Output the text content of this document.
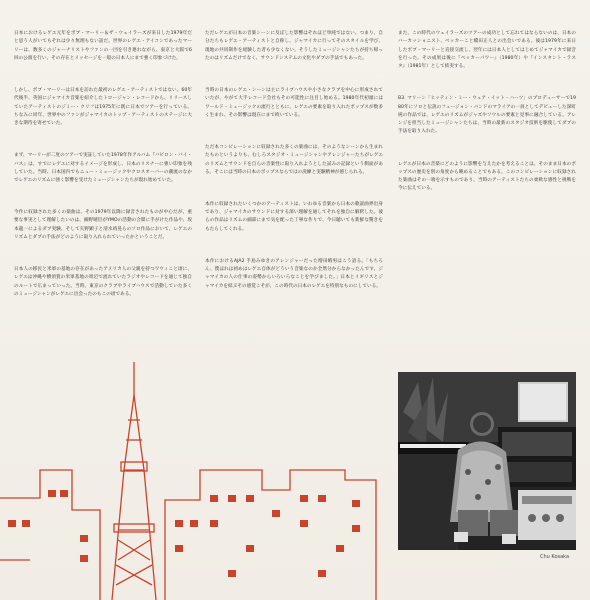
日本におけるレゲエ元年をボブ・マーリー＆ザ・ウェイラーズが来日した1979年だと思う人がいてもそれは少々無理もない話だ。世界のレゲエ・アイコンであったマーリーは、数多くのジャーナリストやファンの一団を引き連れながら、東京と大阪で6回の公演を行い、その存在とメッセージを一般の日本人にまで強く印象づけた。

しかし、ボブ・マーリーは日本を訪れた最初のレゲエ・アーティストではない。60年代後半、英国にジャマイカ音楽を紹介したトロージャン・レコードから、リリースしていたアーティストのジミー・クリフは1975年に既に日本でツアーを行っている。ちなみに同年、世界中のファンがジャマイカのトップ・アーティストのステージに大きな期待を寄せていた。

まず、マーリーが二度のツアーで実証していた1978年作アルバム『バビロン・バイ・バス』は、すでにレゲエに対するイメージを形成し、日本のリスナーに強い印象を残していた。当時、日本国内でもニュー・ミュージックやクロスオーバーの潮流のなかでレゲエのリズムに強く影響を受けたミュージシャンたちが現れ始めていた。

今作に収録された多くの楽曲は、その1979年以降に録音されたものが中心だが、重要な事実として理解したいのは、細野晴臣がYMOの活動の合間に手がけた作品や、坂本龍一によるダブ実験、そして矢野顕子と清水靖晃らのソロ作品において、レゲエのリズムとダブの手法がどのように取り入れられていったかということだ。

日本人の移民と米軍の基地の存在があったアメリカ人の父親を持つワウィこと頃に、レゲエは沖縄や横須賀の米軍基地の周辺で流れていたラジオやレコードを通じて独自のルートで広まっていった。当時、東京のクラブやライブハウスで活動していた多くのミュージシャンがレゲエに出会ったのもこの頃である。

ただレゲエが日本の音楽シーンに及ぼした影響はそれほど単純ではない。つまり、自分たちもレゲエ・アーティストと自称し、ジャマイカに行ってそのスタイルを学び、現地の共同制作を経験した者も少なくない。そうしたミュージシャンたちが持ち帰ったのはリズムだけでなく、サウンドシステムの文化やダブの手法でもあった。

当時の日本のレゲエ・シーンは主にライブハウスや小さなクラブを中心に形成されていたが、やがて大手レコード会社もその可能性に注目し始める。1980年代初頭にはワールド・ミュージックの流行とともに、レゲエの要素を取り入れたポップスが数多く生まれ、その影響は現在にまで続いている。

ただ本コンピレーションに収録された多くの楽曲には、そのようなシーンから生まれたものというよりも、むしろスタジオ・ミュージシャンやアレンジャーたちがレゲエのリズムとサウンドを自らの音楽性に取り入れようとした試みの記録という側面がある。そこには当時の日本のポップスならではの洗練と実験精神が感じられる。

本作に収録されたいくつかのアーティストは、いわゆる音楽から日本の歌謡曲界出身であり、ジャマイカのサウンドに対する深い理解を通してそれを独自に解釈した。彼らの作品はリズムの細部にまで気を配った丁寧な作りで、今日聴いても新鮮な驚きをもたらしてくれる。

本作におけるAJA2 手島みゆきのアレンジャーだった増田晴男はこう語る。「もちろん、僕ほれは初めはレゲエ自体がどういう音楽なのか全然分からなかったんです。ジャマイカの人の仕事の姿勢からいろいろなことを学びました。」日本とイギリスとジャマイカを結ぶその感覚こそが、この時代の日本のレゲエを特別なものにしている。

また、この時代のウェイラーズのツアーの成功として忘れてはならないのは、日本のバーカッショニスト、ペッカーこと橋田正人との出会いである。彼は1979年に来日したボブ・マーリーと直接交流し、翌年には日本人としてはじめてジャマイカで録音を行った。その成果は後に『ペッカーパワー』（1980年）や『インスタント・ラスタ』（1981年）として結実する。

B3. マリーン「ヒッティン・ミー・ウェア・イット・ハーツ」のプロデューサーで1980年にソロと伝説のフュージョン・バンドのマライアの一員としてデビューした深町純の作品では、レゲエのリズムがジャズやソウルの要素と見事に融合している。アレンジを担当したミュージシャンたちは、当時の最新のスタジオ技術を駆使してダブの手法を取り入れた。

レゲエが日本の音楽にどのように影響を与えたかを考えることは、そのまま日本のポップスの歴史を別の角度から眺めることでもある。このコンピレーションに収録された楽曲はその一端を示すものであり、当時のアーティストたちの柔軟な感性と挑戦を今に伝えている。

Chu Kosaka
